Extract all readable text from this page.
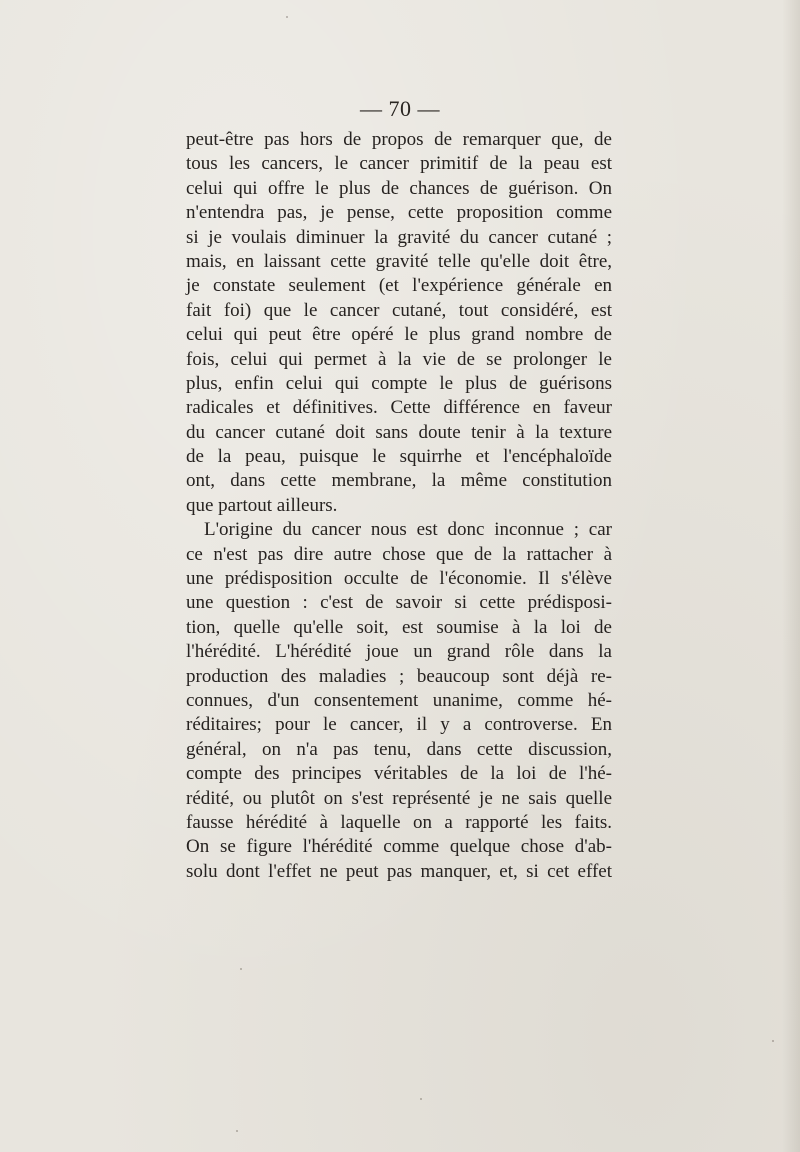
— 70 —
peut-être pas hors de propos de remarquer que, de
tous les cancers, le cancer primitif de la peau est
celui qui offre le plus de chances de guérison. On
n'entendra pas, je pense, cette proposition comme
si je voulais diminuer la gravité du cancer cutané ;
mais, en laissant cette gravité telle qu'elle doit être,
je constate seulement (et l'expérience générale en
fait foi) que le cancer cutané, tout considéré, est
celui qui peut être opéré le plus grand nombre de
fois, celui qui permet à la vie de se prolonger le
plus, enfin celui qui compte le plus de guérisons
radicales et définitives. Cette différence en faveur
du cancer cutané doit sans doute tenir à la texture
de la peau, puisque le squirrhe et l'encéphaloïde
ont, dans cette membrane, la même constitution
que partout ailleurs.
L'origine du cancer nous est donc inconnue ; car
ce n'est pas dire autre chose que de la rattacher à
une prédisposition occulte de l'économie. Il s'élève
une question : c'est de savoir si cette prédisposi-
tion, quelle qu'elle soit, est soumise à la loi de
l'hérédité. L'hérédité joue un grand rôle dans la
production des maladies ; beaucoup sont déjà re-
connues, d'un consentement unanime, comme hé-
réditaires; pour le cancer, il y a controverse. En
général, on n'a pas tenu, dans cette discussion,
compte des principes véritables de la loi de l'hé-
rédité, ou plutôt on s'est représenté je ne sais quelle
fausse hérédité à laquelle on a rapporté les faits.
On se figure l'hérédité comme quelque chose d'ab-
solu dont l'effet ne peut pas manquer, et, si cet effet
